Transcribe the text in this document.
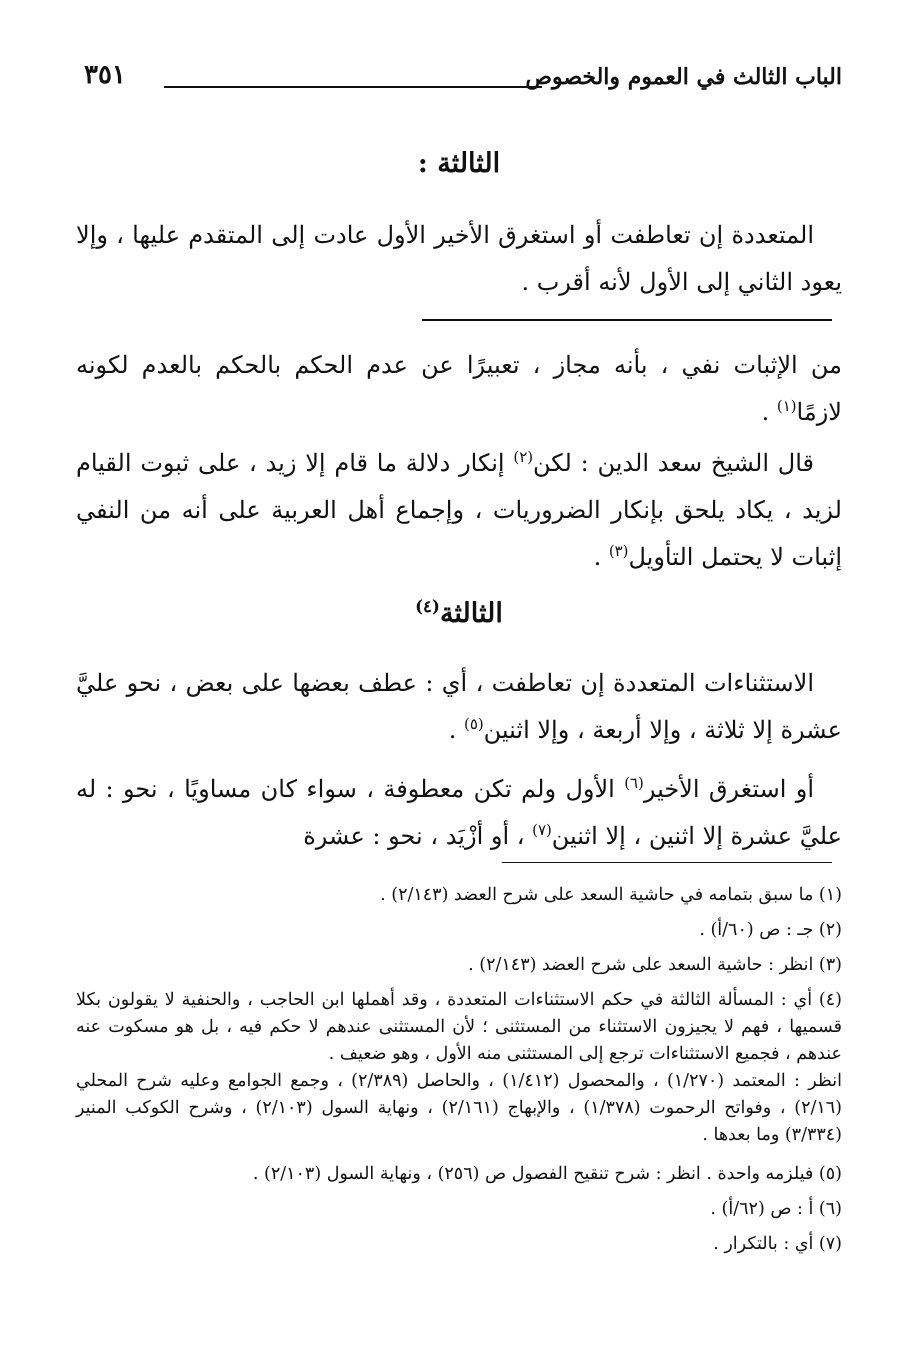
الباب الثالث في العموم والخصوص
٣٥١
الثالثة :
المتعددة إن تعاطفت أو استغرق الأخير الأول عادت إلى المتقدم عليها ، وإلا يعود الثاني إلى الأول لأنه أقرب .
من الإثبات نفي ، بأنه مجاز ، تعبيرًا عن عدم الحكم بالحكم بالعدم لكونه لازمًا$^{(١)}$ .
قال الشيخ سعد الدين : لكن$^{(٢)}$ إنكار دلالة ما قام إلا زيد ، على ثبوت القيام لزيد ، يكاد يلحق بإنكار الضروريات ، وإجماع أهل العربية على أنه من النفي إثبات لا يحتمل التأويل$^{(٣)}$ .
الثالثة$^{(٤)}$
الاستثناءات المتعددة إن تعاطفت ، أي : عطف بعضها على بعض ، نحو عليَّ عشرة إلا ثلاثة ، وإلا أربعة ، وإلا اثنين$^{(٥)}$ .
أو استغرق الأخير$^{(٦)}$ الأول ولم تكن معطوفة ، سواء كان مساويًا ، نحو : له عليَّ عشرة إلا اثنين ، إلا اثنين$^{(٧)}$ ، أو أزْيَد ، نحو : عشرة
(١) ما سبق بتمامه في حاشية السعد على شرح العضد (٢/١٤٣) .
(٢) جـ : ص (٦٠/أ) .
(٣) انظر : حاشية السعد على شرح العضد (٢/١٤٣) .
(٤) أي : المسألة الثالثة في حكم الاستثناءات المتعددة ، وقد أهملها ابن الحاجب ، والحنفية لا يقولون بكلا قسميها ، فهم لا يجيزون الاستثناء من المستثنى ؛ لأن المستثنى عندهم لا حكم فيه ، بل هو مسكوت عنه عندهم ، فجميع الاستثناءات ترجع إلى المستثنى منه الأول ، وهو ضعيف .
انظر : المعتمد (١/٢٧٠) ، والمحصول (١/٤١٢) ، والحاصل (٢/٣٨٩) ، وجمع الجوامع وعليه شرح المحلي (٢/١٦) ، وفواتح الرحموت (١/٣٧٨) ، والإبهاج (٢/١٦١) ، ونهاية السول (٢/١٠٣) ، وشرح الكوكب المنير (٣/٣٣٤) وما بعدها .
(٥) فيلزمه واحدة . انظر : شرح تنقيح الفصول ص (٢٥٦) ، ونهاية السول (٢/١٠٣) .
(٦) أ : ص (٦٢/أ) .
(٧) أي : بالتكرار .
